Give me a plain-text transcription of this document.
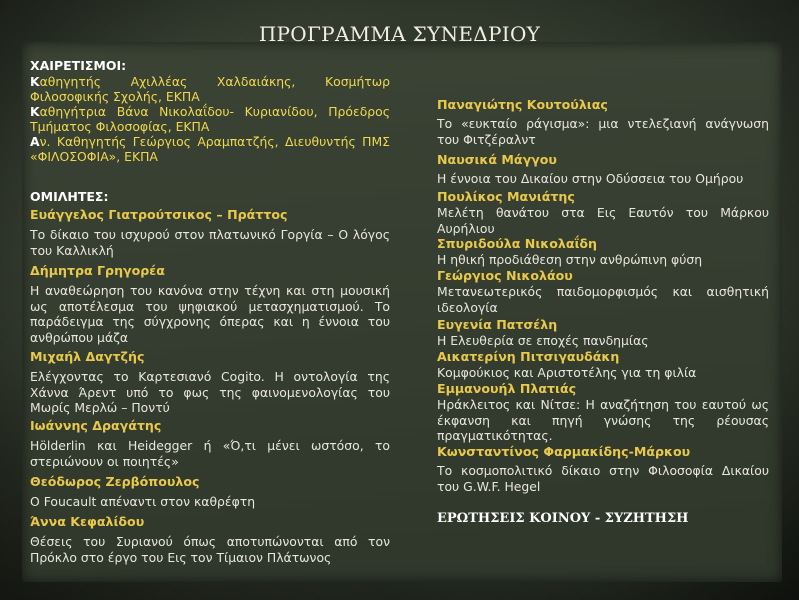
ΠΡΟΓΡΑΜΜΑ ΣΥΝΕΔΡΙΟΥ

ΧΑΙΡΕΤΙΣΜΟΙ:

Καθηγητής Αχιλλέας Χαλδαιάκης, Κοσμήτωρ Φιλοσοφικής Σχολής, ΕΚΠΑ

Καθηγήτρια Βάνα Νικολαΐδου- Κυριανίδου, Πρόεδρος Τμήματος Φιλοσοφίας, ΕΚΠΑ

Αν. Καθηγητής Γεώργιος Αραμπατζής, Διευθυντής ΠΜΣ «ΦΙΛΟΣΟΦΙΑ», ΕΚΠΑ

ΟΜΙΛΗΤΕΣ:

Ευάγγελος Γιατρούτσικος – Πράττος

Το δίκαιο του ισχυρού στον πλατωνικό Γοργία – Ο λόγος του Καλλικλή

Δήμητρα Γρηγορέα

Η αναθεώρηση του κανόνα στην τέχνη και στη μουσική ως αποτέλεσμα του ψηφιακού μετασχηματισμού. Το παράδειγμα της σύγχρονης όπερας και η έννοια του ανθρώπου μάζα

Μιχαήλ Δαγτζής

Ελέγχοντας το Καρτεσιανό Cogito. Η οντολογία της Χάννα Άρεντ υπό το φως της φαινομενολογίας του Μωρίς Μερλώ – Ποντύ

Ιωάννης Δραγάτης

Hölderlin και Heidegger ή «Ό,τι μένει ωστόσο, το στεριώνουν οι ποιητές»

Θεόδωρος Ζερβόπουλος

O Foucault απέναντι στον καθρέφτη

Άννα Κεφαλίδου

Θέσεις του Συριανού όπως αποτυπώνονται από τον Πρόκλο στο έργο του Εις τον Τίμαιον Πλάτωνος

Παναγιώτης Κουτούλιας

Το «ευκταίο ράγισμα»: μια ντελεζιανή ανάγνωση του Φιτζέραλντ

Ναυσικά Μάγγου

Η έννοια του Δικαίου στην Οδύσσεια του Ομήρου

Πουλίκος Μανιάτης

Μελέτη θανάτου στα Εις Εαυτόν του Μάρκου Αυρήλιου

Σπυριδούλα Νικολαΐδη

Η ηθική προδιάθεση στην ανθρώπινη φύση

Γεώργιος Νικολάου

Μετανεωτερικός παιδομορφισμός και αισθητική ιδεολογία

Ευγενία Πατσέλη

Η Ελευθερία σε εποχές πανδημίας

Αικατερίνη Πιτσιγαυδάκη

Κομφούκιος και Αριστοτέλης για τη φιλία

Εμμανουήλ Πλατιάς

Ηράκλειτος και Νίτσε: Η αναζήτηση του εαυτού ως έκφανση και πηγή γνώσης της ρέουσας πραγματικότητας.

Κωνσταντίνος Φαρμακίδης-Μάρκου

Το κοσμοπολιτικό δίκαιο στην Φιλοσοφία Δικαίου του G.W.F. Hegel

ΕΡΩΤΗΣΕΙΣ ΚΟΙΝΟΥ - ΣΥΖΗΤΗΣΗ
